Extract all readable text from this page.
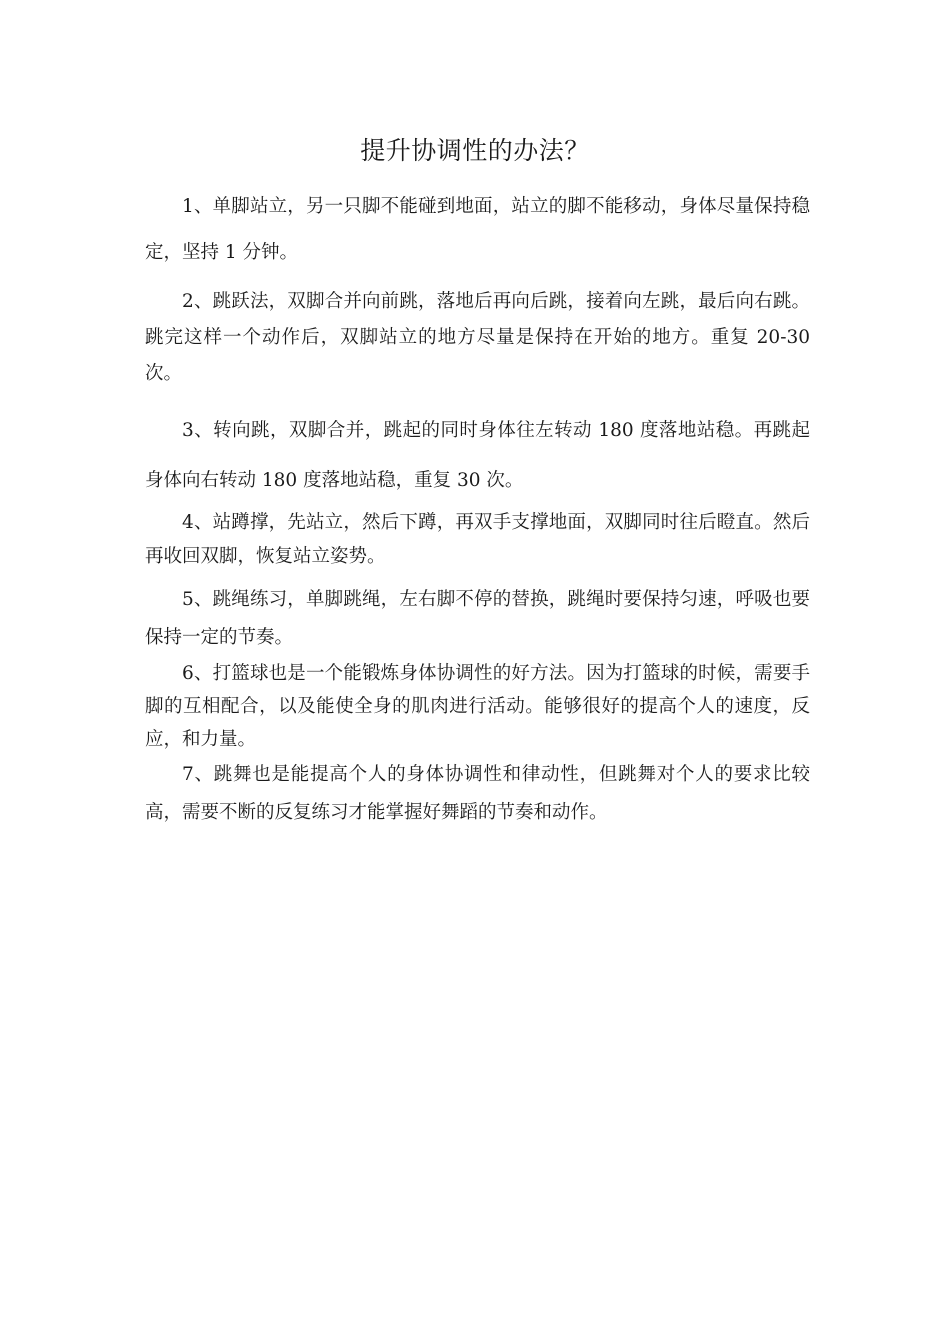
提升协调性的办法？

1、单脚站立，另一只脚不能碰到地面，站立的脚不能移动，身体尽量保持稳定，坚持 1 分钟。

2、跳跃法，双脚合并向前跳，落地后再向后跳，接着向左跳，最后向右跳。跳完这样一个动作后，双脚站立的地方尽量是保持在开始的地方。重复 20-30 次。

3、转向跳，双脚合并，跳起的同时身体往左转动 180 度落地站稳。再跳起身体向右转动 180 度落地站稳，重复 30 次。

4、站蹲撑，先站立，然后下蹲，再双手支撑地面，双脚同时往后瞪直。然后再收回双脚，恢复站立姿势。

5、跳绳练习，单脚跳绳，左右脚不停的替换，跳绳时要保持匀速，呼吸也要保持一定的节奏。

6、打篮球也是一个能锻炼身体协调性的好方法。因为打篮球的时候，需要手脚的互相配合，以及能使全身的肌肉进行活动。能够很好的提高个人的速度，反应，和力量。

7、跳舞也是能提高个人的身体协调性和律动性，但跳舞对个人的要求比较高，需要不断的反复练习才能掌握好舞蹈的节奏和动作。
